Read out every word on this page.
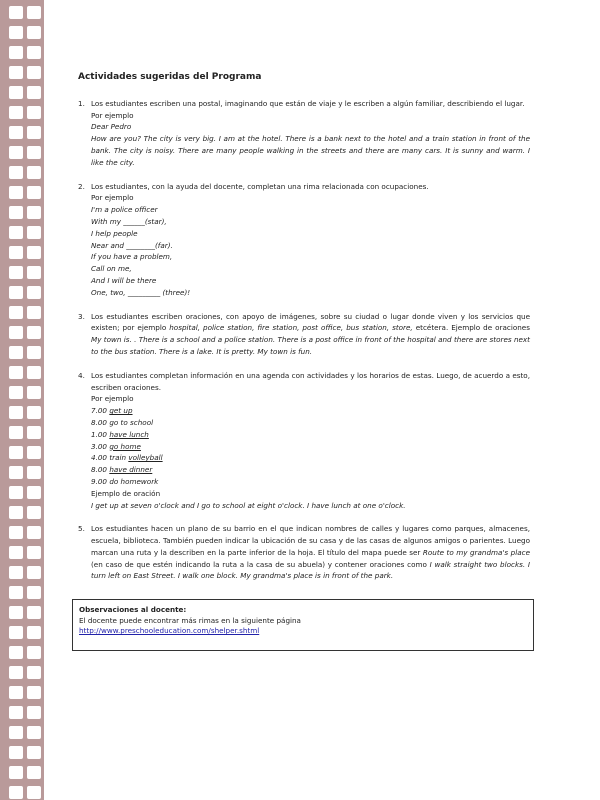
Actividades sugeridas del Programa
1. Los estudiantes escriben una postal, imaginando que están de viaje y le escriben a algún familiar, describiendo el lugar.
Por ejemplo
Dear Pedro
How are you? The city is very big. I am at the hotel. There is a bank next to the hotel and a train station in front of the bank. The city is noisy. There are many people walking in the streets and there are many cars. It is sunny and warm. I like the city.
2. Los estudiantes, con la ayuda del docente, completan una rima relacionada con ocupaciones.
Por ejemplo
I'm a police officer
With my ______(star),
I help people
Near and ________(far).
If you have a problem,
Call on me,
And I will be there
One, two, _________ (three)!
3. Los estudiantes escriben oraciones, con apoyo de imágenes, sobre su ciudad o lugar donde viven y los servicios que existen; por ejemplo hospital, police station, fire station, post office, bus station, store, etcétera. Ejemplo de oraciones My town is. . There is a school and a police station. There is a post office in front of the hospital and there are stores next to the bus station. There is a lake. It is pretty. My town is fun.
4. Los estudiantes completan información en una agenda con actividades y los horarios de estas. Luego, de acuerdo a esto, escriben oraciones.
Por ejemplo
7.00 get up
8.00 go to school
1.00 have lunch
3.00 go home
4.00 train volleyball
8.00 have dinner
9.00 do homework
Ejemplo de oración
I get up at seven o'clock and I go to school at eight o'clock. I have lunch at one o'clock.
5. Los estudiantes hacen un plano de su barrio en el que indican nombres de calles y lugares como parques, almacenes, escuela, biblioteca. También pueden indicar la ubicación de su casa y de las casas de algunos amigos o parientes. Luego marcan una ruta y la describen en la parte inferior de la hoja. El título del mapa puede ser Route to my grandma's place (en caso de que estén indicando la ruta a la casa de su abuela) y contener oraciones como I walk straight two blocks. I turn left on East Street. I walk one block. My grandma's place is in front of the park.
Observaciones al docente:
El docente puede encontrar más rimas en la siguiente página
http://www.preschooleducation.com/shelper.shtml
